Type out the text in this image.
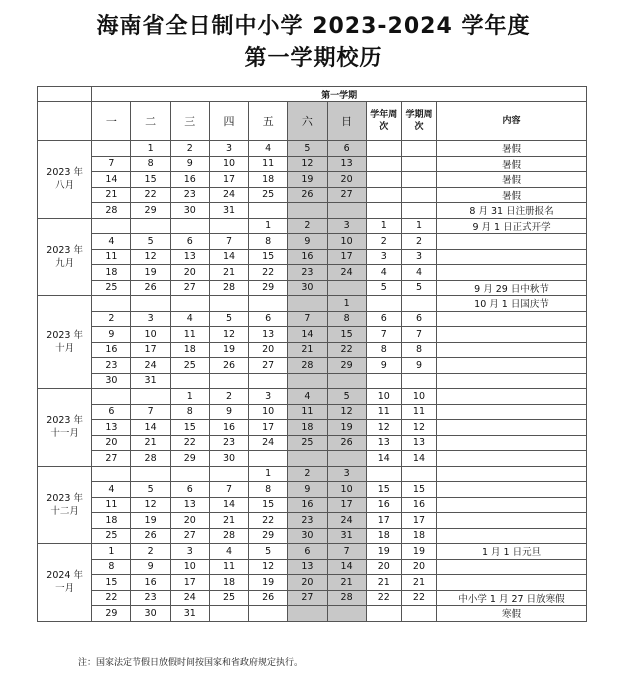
海南省全日制中小学 2023-2024 学年度
第一学期校历
	第一学期									
	一	二	三	四	五	六	日	学年周次	学期周次	内容

2023 年
八月		1	2	3	4	5	6			暑假
	7	8	9	10	11	12	13			暑假
	14	15	16	17	18	19	20			暑假
	21	22	23	24	25	26	27			暑假
	28	29	30	31						8 月 31 日注册报名

2023 年
九月					1	2	3	1	1	9 月 1 日正式开学
	4	5	6	7	8	9	10	2	2	
	11	12	13	14	15	16	17	3	3	
	18	19	20	21	22	23	24	4	4	
	25	26	27	28	29	30		5	5	9 月 29 日中秋节

2023 年
十月							1			10 月 1 日国庆节
	2	3	4	5	6	7	8	6	6	
	9	10	11	12	13	14	15	7	7	
	16	17	18	19	20	21	22	8	8	
	23	24	25	26	27	28	29	9	9	
	30	31								

2023 年
十一月			1	2	3	4	5	10	10	
	6	7	8	9	10	11	12	11	11	
	13	14	15	16	17	18	19	12	12	
	20	21	22	23	24	25	26	13	13	
	27	28	29	30				14	14	

2023 年
十二月					1	2	3			
	4	5	6	7	8	9	10	15	15	
	11	12	13	14	15	16	17	16	16	
	18	19	20	21	22	23	24	17	17	
	25	26	27	28	29	30	31	18	18	

2024 年
一月	1	2	3	4	5	6	7	19	19	1 月 1 日元旦
	8	9	10	11	12	13	14	20	20	
	15	16	17	18	19	20	21	21	21	
	22	23	24	25	26	27	28	22	22	中小学 1 月 27 日放寒假
	29	30	31							寒假
注：国家法定节假日放假时间按国家和省政府规定执行。
